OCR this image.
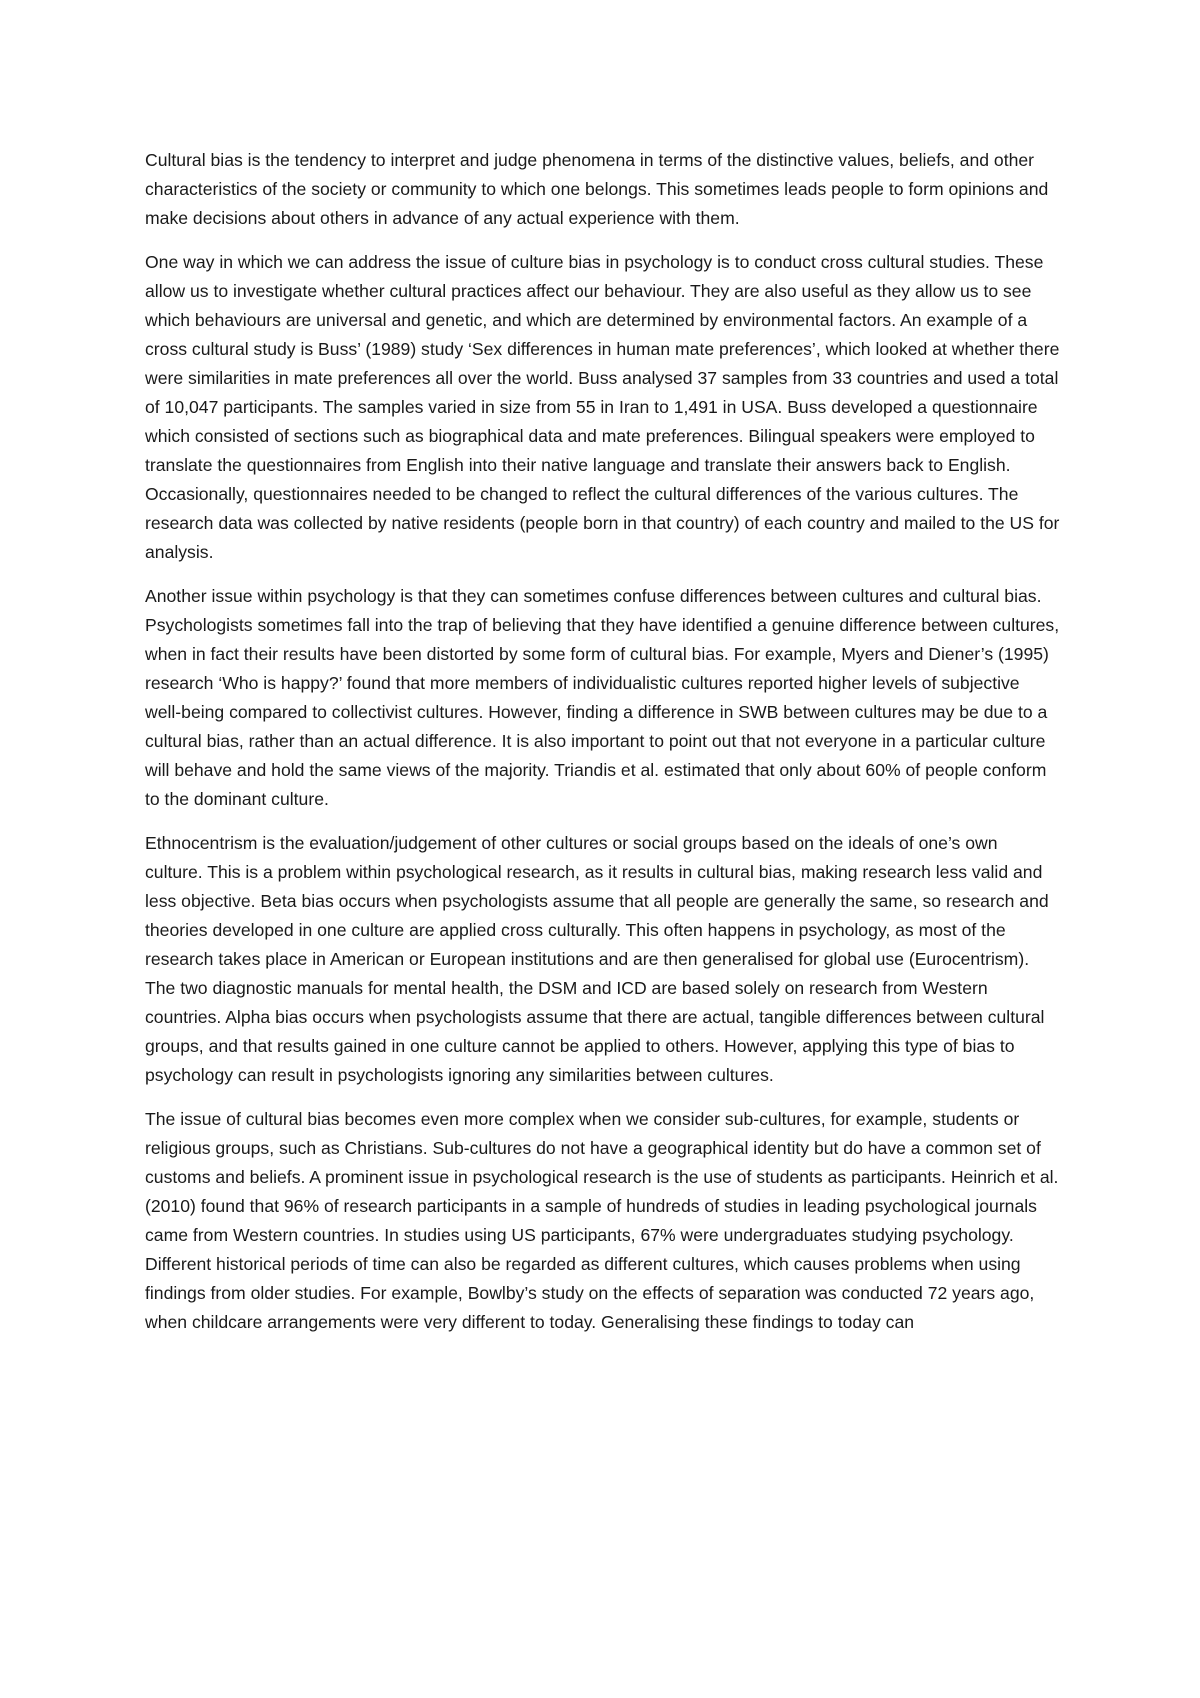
Cultural bias is the tendency to interpret and judge phenomena in terms of the distinctive values, beliefs, and other characteristics of the society or community to which one belongs. This sometimes leads people to form opinions and make decisions about others in advance of any actual experience with them.

One way in which we can address the issue of culture bias in psychology is to conduct cross cultural studies. These allow us to investigate whether cultural practices affect our behaviour. They are also useful as they allow us to see which behaviours are universal and genetic, and which are determined by environmental factors. An example of a cross cultural study is Buss’ (1989) study ‘Sex differences in human mate preferences’, which looked at whether there were similarities in mate preferences all over the world. Buss analysed 37 samples from 33 countries and used a total of 10,047 participants. The samples varied in size from 55 in Iran to 1,491 in USA. Buss developed a questionnaire which consisted of sections such as biographical data and mate preferences. Bilingual speakers were employed to translate the questionnaires from English into their native language and translate their answers back to English. Occasionally, questionnaires needed to be changed to reflect the cultural differences of the various cultures. The research data was collected by native residents (people born in that country) of each country and mailed to the US for analysis.

Another issue within psychology is that they can sometimes confuse differences between cultures and cultural bias. Psychologists sometimes fall into the trap of believing that they have identified a genuine difference between cultures, when in fact their results have been distorted by some form of cultural bias. For example, Myers and Diener’s (1995) research ‘Who is happy?’ found that more members of individualistic cultures reported higher levels of subjective well-being compared to collectivist cultures. However, finding a difference in SWB between cultures may be due to a cultural bias, rather than an actual difference. It is also important to point out that not everyone in a particular culture will behave and hold the same views of the majority. Triandis et al. estimated that only about 60% of people conform to the dominant culture.

Ethnocentrism is the evaluation/judgement of other cultures or social groups based on the ideals of one’s own culture. This is a problem within psychological research, as it results in cultural bias, making research less valid and less objective. Beta bias occurs when psychologists assume that all people are generally the same, so research and theories developed in one culture are applied cross culturally. This often happens in psychology, as most of the research takes place in American or European institutions and are then generalised for global use (Eurocentrism). The two diagnostic manuals for mental health, the DSM and ICD are based solely on research from Western countries. Alpha bias occurs when psychologists assume that there are actual, tangible differences between cultural groups, and that results gained in one culture cannot be applied to others. However, applying this type of bias to psychology can result in psychologists ignoring any similarities between cultures.

The issue of cultural bias becomes even more complex when we consider sub-cultures, for example, students or religious groups, such as Christians. Sub-cultures do not have a geographical identity but do have a common set of customs and beliefs. A prominent issue in psychological research is the use of students as participants. Heinrich et al. (2010) found that 96% of research participants in a sample of hundreds of studies in leading psychological journals came from Western countries. In studies using US participants, 67% were undergraduates studying psychology. Different historical periods of time can also be regarded as different cultures, which causes problems when using findings from older studies. For example, Bowlby’s study on the effects of separation was conducted 72 years ago, when childcare arrangements were very different to today. Generalising these findings to today can
